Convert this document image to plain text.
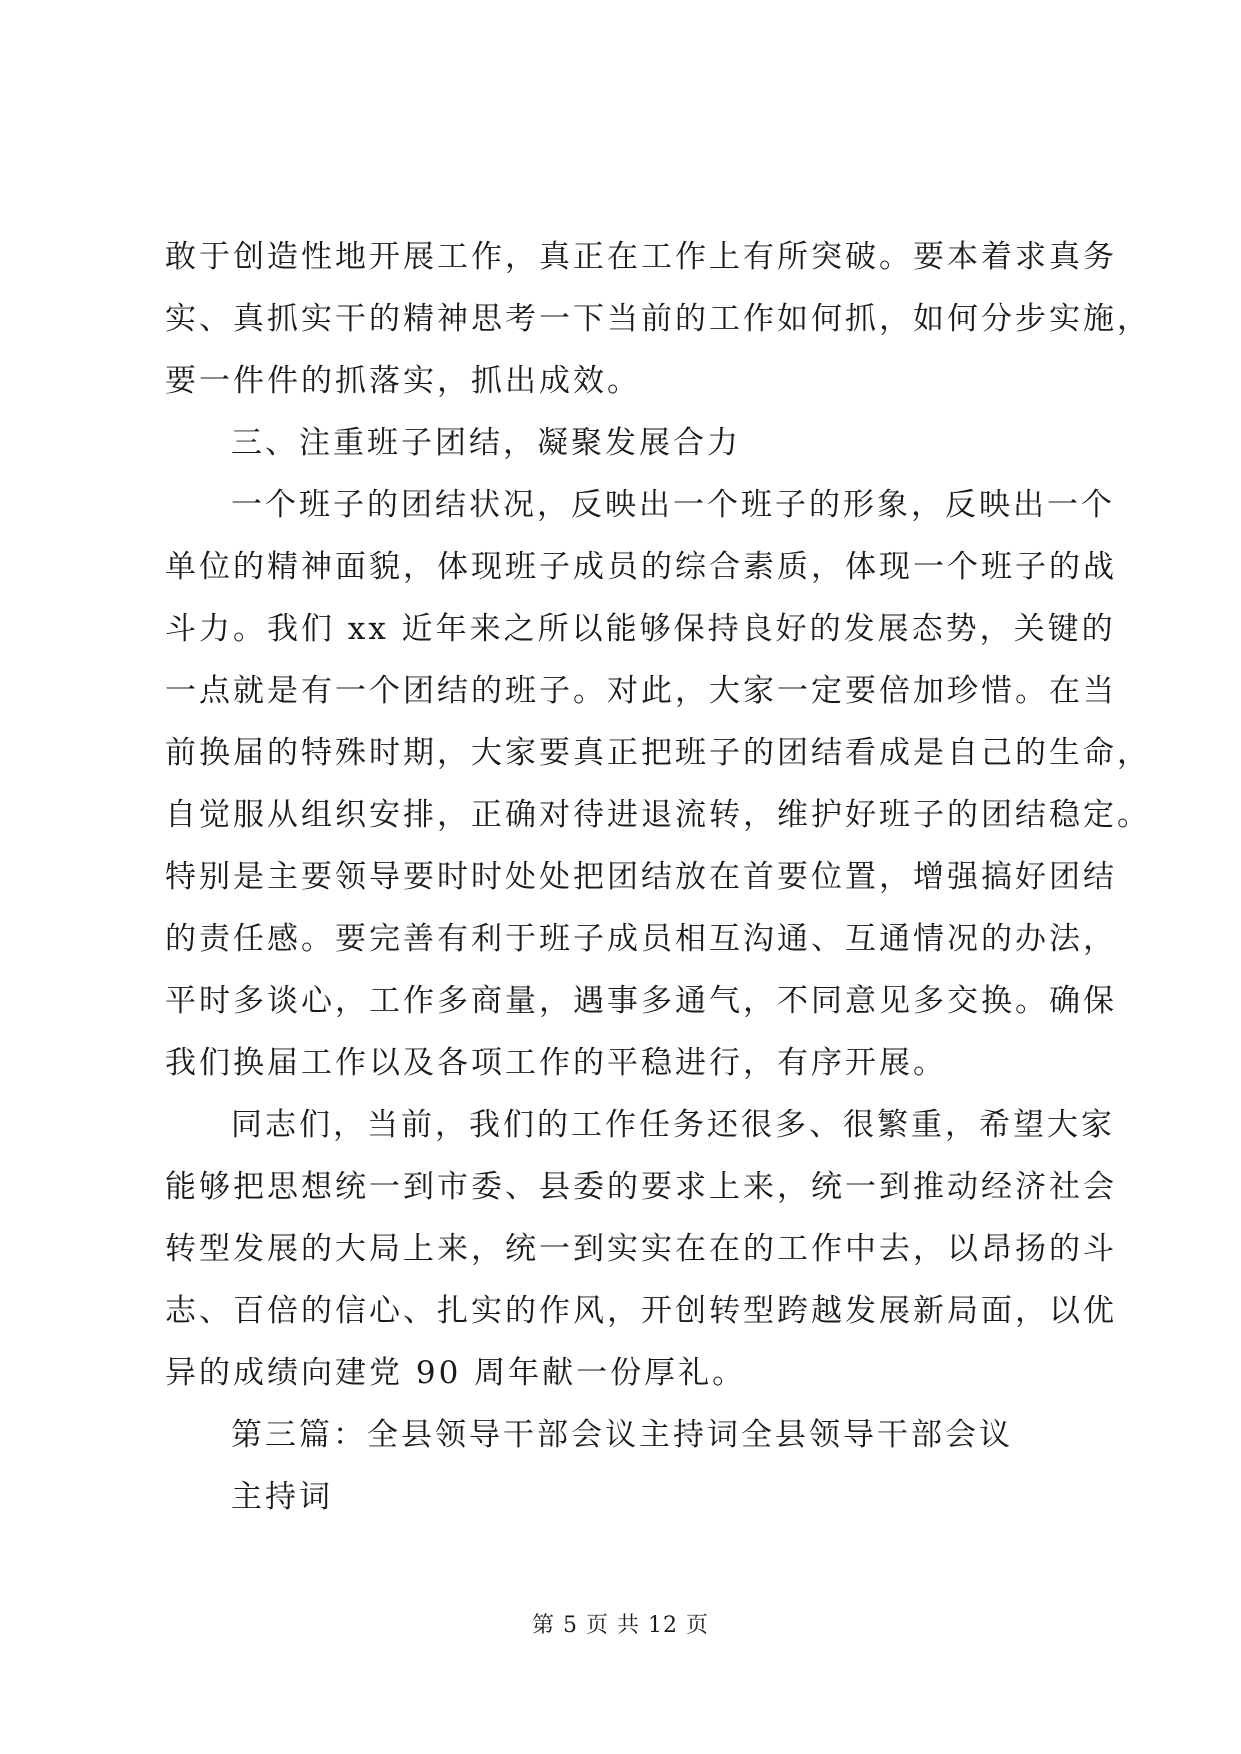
敢于创造性地开展工作，真正在工作上有所突破。要本着求真务
实、真抓实干的精神思考一下当前的工作如何抓，如何分步实施，
要一件件的抓落实，抓出成效。
三、注重班子团结，凝聚发展合力
一个班子的团结状况，反映出一个班子的形象，反映出一个
单位的精神面貌，体现班子成员的综合素质，体现一个班子的战
斗力。我们 xx 近年来之所以能够保持良好的发展态势，关键的
一点就是有一个团结的班子。对此，大家一定要倍加珍惜。在当
前换届的特殊时期，大家要真正把班子的团结看成是自己的生命，
自觉服从组织安排，正确对待进退流转，维护好班子的团结稳定。
特别是主要领导要时时处处把团结放在首要位置，增强搞好团结
的责任感。要完善有利于班子成员相互沟通、互通情况的办法，
平时多谈心，工作多商量，遇事多通气，不同意见多交换。确保
我们换届工作以及各项工作的平稳进行，有序开展。
同志们，当前，我们的工作任务还很多、很繁重，希望大家
能够把思想统一到市委、县委的要求上来，统一到推动经济社会
转型发展的大局上来，统一到实实在在的工作中去，以昂扬的斗
志、百倍的信心、扎实的作风，开创转型跨越发展新局面，以优
异的成绩向建党 90 周年献一份厚礼。
第三篇：全县领导干部会议主持词全县领导干部会议
主持词
第 5 页 共 12 页
